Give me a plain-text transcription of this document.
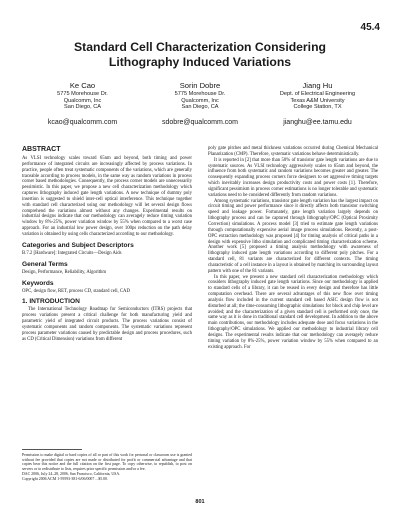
45.4
Standard Cell Characterization Considering
Lithography Induced Variations
Ke Cao
5775 Morehouse Dr.
Qualcomm, Inc
San Diego, CA
Sorin Dobre
5775 Morehouse Dr.
Qualcomm, Inc
San Diego, CA
Jiang Hu
Dept. of Electrical Engineering
Texas A&M University
College Station, TX
kcao@qualcomm.com	sdobre@qualcomm.com	jianghu@ee.tamu.edu
ABSTRACT

As VLSI technology scales toward 65nm and beyond, both timing and power performance of integrated circuits are increasingly affected by process variations. In practice, people often treat systematic components of the variations, which are generally traceable according to process models, in the same way as random variations in process corner based methodologies. Consequently, the process corner models are unnecessarily pessimistic. In this paper, we propose a new cell characterization methodology which captures lithography induced gate length variations. A new technique of dummy poly insertion is suggested to shield inter-cell optical interference. This technique together with standard cell characterized using our methodology will let several design flows comprehend the variations almost without any changes. Experimental results on industrial designs indicate that our methodology can averagely reduce timing variation window by 8%-25%, power variation window by 55% when compared to a worst case approach. For an industrial low power design, over 100ps reduction on the path delay variation is obtained by using cells characterized according to our methodology.

Categories and Subject Descriptors

B.7.2 [Hardware]: Integrated Circuits—Design Aids

General Terms

Design, Performance, Reliability, Algorithm

Keywords

OPC, design flow, RET, process CD, standard cell, CAD

1. INTRODUCTION

The International Technology Roadmap for Semiconductors (ITRS) projects that process variations present a critical challenge for both manufacturing yield and parametric yield of integrated circuit products. The process variations consist of systematic components and random components. The systematic variations represent process parameter variations caused by predictable design and process procedures, such as CD (Critical Dimension) variations from different

Permission to make digital or hard copies of all or part of this work for personal or classroom use is granted without fee provided that copies are not made or distributed for profit or commercial advantage and that copies bear this notice and the full citation on the first page. To copy otherwise, to republish, to post on servers or to redistribute to lists, requires prior specific permission and/or a fee.
DAC 2006, July 24–28, 2006, San Francisco, California, USA.
Copyright 2006 ACM 1-59593-381-6/06/0007 ...$5.00.

poly gate pitches and metal thickness variations occurred during Chemical Mechanical Planarization (CMP). Therefore, systematic variations behave deterministically.

It is reported in [2] that more than 50% of transistor gate length variations are due to systematic sources. As VLSI technology aggressively scales to 65nm and beyond, the influence from both systematic and random variations becomes greater and greater. The consequently expanding process corners force designers to set aggressive timing targets which inevitably increases design productivity costs and power costs [1]. Therefore, significant pessimism in process corner estimations is no longer tolerable and systematic variations need to be considered differently from random variations.

Among systematic variations, transistor gate length variation has the largest impact on circuit timing and power performance since it directly affects both transistor switching speed and leakage power. Fortunately, gate length variation largely depends on lithography process and can be captured through lithography/OPC (Optical Proximity Correction) simulations. A process model [3] tried to estimate gate length variations through computationally expensive aerial image process simulations. Recently, a post-OPC extraction methodology was proposed [4] for timing analysis of critical paths in a design with expensive litho simulation and complicated timing characterization scheme. Another work [5] proposed a timing analysis methodology with awareness of lithography induced gate length variations according to different poly pitches. For a standard cell, 81 variants are characterized for different contexts. The timing characteristic of a cell instance in a layout is obtained by matching its surrounding layout pattern with one of the 81 variants.

In this paper, we present a new standard cell characterization methodology which considers lithography induced gate length variations. Since our methodology is applied to standard cells of a library, it can be reused in every design and therefore has little computation overhead. There are several advantages of this new flow over timing analysis flow included in the current standard cell based ASIC design flow is not disturbed at all; the time-consuming lithographic simulations for block and chip level are avoided; and the characterization of a given standard cell is performed only once, the same way as it is done in traditional standard cell development. In addition to the above main contributions, our methodology includes adequate dose and focus variations in the lithography/OPC simulations. We applied our methodology to industrial library cell designs. The experimental results indicate that our methodology can averagely reduce timing variation by 8%-25%, power variation window by 55% when compared to an existing approach. For

801
